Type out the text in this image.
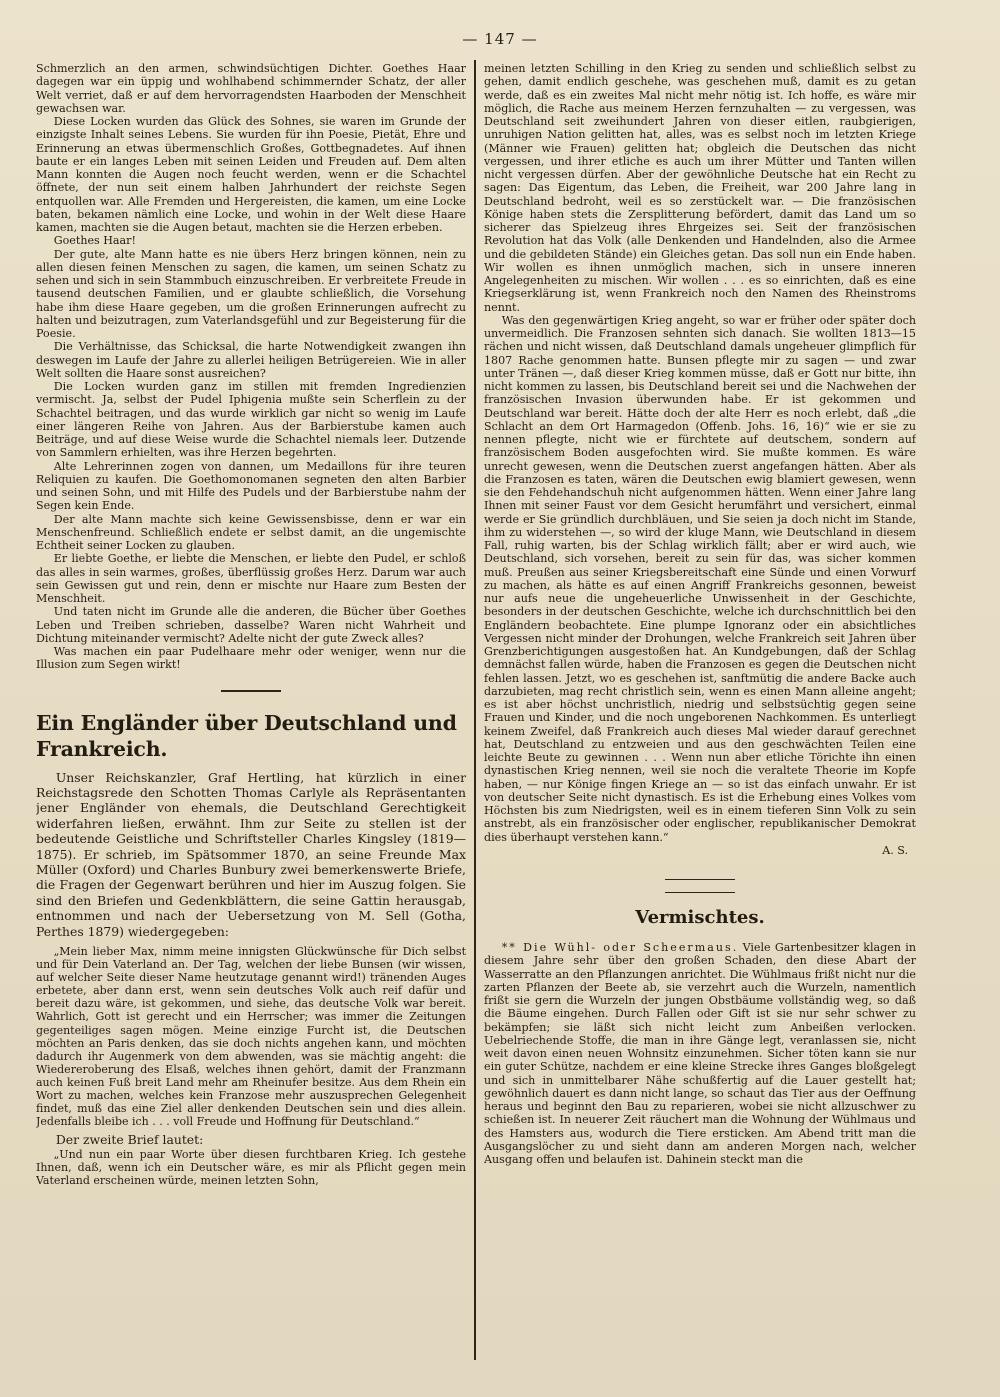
— 147 —

Schmerzlich an den armen, schwindsüchtigen Dichter. Goethes Haar dagegen war ein üppig und wohlhabend schimmernder Schatz, der aller Welt verriet, daß er auf dem hervorragendsten Haarboden der Menschheit gewachsen war.

Diese Locken wurden das Glück des Sohnes, sie waren im Grunde der einzigste Inhalt seines Lebens. Sie wurden für ihn Poesie, Pietät, Ehre und Erinnerung an etwas übermenschlich Großes, Gottbegnadetes. Auf ihnen baute er ein langes Leben mit seinen Leiden und Freuden auf. Dem alten Mann konnten die Augen noch feucht werden, wenn er die Schachtel öffnete, der nun seit einem halben Jahrhundert der reichste Segen entquollen war. Alle Fremden und Hergereisten, die kamen, um eine Locke baten, bekamen nämlich eine Locke, und wohin in der Welt diese Haare kamen, machten sie die Augen betaut, machten sie die Herzen erbeben.

Goethes Haar!

Der gute, alte Mann hatte es nie übers Herz bringen können, nein zu allen diesen feinen Menschen zu sagen, die kamen, um seinen Schatz zu sehen und sich in sein Stammbuch einzuschreiben. Er verbreitete Freude in tausend deutschen Familien, und er glaubte schließlich, die Vorsehung habe ihm diese Haare gegeben, um die großen Erinnerungen aufrecht zu halten und beizutragen, zum Vaterlandsgefühl und zur Begeisterung für die Poesie.

Die Verhältnisse, das Schicksal, die harte Notwendigkeit zwangen ihn deswegen im Laufe der Jahre zu allerlei heiligen Betrügereien. Wie in aller Welt sollten die Haare sonst ausreichen?

Die Locken wurden ganz im stillen mit fremden Ingredienzien vermischt. Ja, selbst der Pudel Iphigenia mußte sein Scherflein zu der Schachtel beitragen, und das wurde wirklich gar nicht so wenig im Laufe einer längeren Reihe von Jahren. Aus der Barbierstube kamen auch Beiträge, und auf diese Weise wurde die Schachtel niemals leer. Dutzende von Sammlern erhielten, was ihre Herzen begehrten.

Alte Lehrerinnen zogen von dannen, um Medaillons für ihre teuren Reliquien zu kaufen. Die Goethomonomanen segneten den alten Barbier und seinen Sohn, und mit Hilfe des Pudels und der Barbierstube nahm der Segen kein Ende.

Der alte Mann machte sich keine Gewissensbisse, denn er war ein Menschenfreund. Schließlich endete er selbst damit, an die ungemischte Echtheit seiner Locken zu glauben.

Er liebte Goethe, er liebte die Menschen, er liebte den Pudel, er schloß das alles in sein warmes, großes, überflüssig großes Herz. Darum war auch sein Gewissen gut und rein, denn er mischte nur Haare zum Besten der Menschheit.

Und taten nicht im Grunde alle die anderen, die Bücher über Goethes Leben und Treiben schrieben, dasselbe? Waren nicht Wahrheit und Dichtung miteinander vermischt? Adelte nicht der gute Zweck alles?

Was machen ein paar Pudelhaare mehr oder weniger, wenn nur die Illusion zum Segen wirkt!

Ein Engländer über Deutschland und Frankreich.

Unser Reichskanzler, Graf Hertling, hat kürzlich in einer Reichstagsrede den Schotten Thomas Carlyle als Repräsentanten jener Engländer von ehemals, die Deutschland Gerechtigkeit widerfahren ließen, erwähnt. Ihm zur Seite zu stellen ist der bedeutende Geistliche und Schriftsteller Charles Kingsley (1819—1875). Er schrieb, im Spätsommer 1870, an seine Freunde Max Müller (Oxford) und Charles Bunbury zwei bemerkenswerte Briefe, die Fragen der Gegenwart berühren und hier im Auszug folgen. Sie sind den Briefen und Gedenkblättern, die seine Gattin herausgab, entnommen und nach der Uebersetzung von M. Sell (Gotha, Perthes 1879) wiedergegeben:

„Mein lieber Max, nimm meine innigsten Glückwünsche für Dich selbst und für Dein Vaterland an. Der Tag, welchen der liebe Bunsen (wir wissen, auf welcher Seite dieser Name heutzutage genannt wird!) tränenden Auges erbetete, aber dann erst, wenn sein deutsches Volk auch reif dafür und bereit dazu wäre, ist gekommen, und siehe, das deutsche Volk war bereit. Wahrlich, Gott ist gerecht und ein Herrscher; was immer die Zeitungen gegenteiliges sagen mögen. Meine einzige Furcht ist, die Deutschen möchten an Paris denken, das sie doch nichts angehen kann, und möchten dadurch ihr Augenmerk von dem abwenden, was sie mächtig angeht: die Wiedereroberung des Elsaß, welches ihnen gehört, damit der Franzmann auch keinen Fuß breit Land mehr am Rheinufer besitze. Aus dem Rhein ein Wort zu machen, welches kein Franzose mehr auszusprechen Gelegenheit findet, muß das eine Ziel aller denkenden Deutschen sein und dies allein. Jedenfalls bleibe ich . . . voll Freude und Hoffnung für Deutschland.“

Der zweite Brief lautet:

„Und nun ein paar Worte über diesen furchtbaren Krieg. Ich gestehe Ihnen, daß, wenn ich ein Deutscher wäre, es mir als Pflicht gegen mein Vaterland erscheinen würde, meinen letzten Sohn,

meinen letzten Schilling in den Krieg zu senden und schließlich selbst zu gehen, damit endlich geschehe, was geschehen muß, damit es zu getan werde, daß es ein zweites Mal nicht mehr nötig ist. Ich hoffe, es wäre mir möglich, die Rache aus meinem Herzen fernzuhalten — zu vergessen, was Deutschland seit zweihundert Jahren von dieser eitlen, raubgierigen, unruhigen Nation gelitten hat, alles, was es selbst noch im letzten Kriege (Männer wie Frauen) gelitten hat; obgleich die Deutschen das nicht vergessen, und ihrer etliche es auch um ihrer Mütter und Tanten willen nicht vergessen dürfen. Aber der gewöhnliche Deutsche hat ein Recht zu sagen: Das Eigentum, das Leben, die Freiheit, war 200 Jahre lang in Deutschland bedroht, weil es so zerstückelt war. — Die französischen Könige haben stets die Zersplitterung befördert, damit das Land um so sicherer das Spielzeug ihres Ehrgeizes sei. Seit der französischen Revolution hat das Volk (alle Denkenden und Handelnden, also die Armee und die gebildeten Stände) ein Gleiches getan. Das soll nun ein Ende haben. Wir wollen es ihnen unmöglich machen, sich in unsere inneren Angelegenheiten zu mischen. Wir wollen . . . es so einrichten, daß es eine Kriegserklärung ist, wenn Frankreich noch den Namen des Rheinstroms nennt.

Was den gegenwärtigen Krieg angeht, so war er früher oder später doch unvermeidlich. Die Franzosen sehnten sich danach. Sie wollten 1813—15 rächen und nicht wissen, daß Deutschland damals ungeheuer glimpflich für 1807 Rache genommen hatte. Bunsen pflegte mir zu sagen — und zwar unter Tränen —, daß dieser Krieg kommen müsse, daß er Gott nur bitte, ihn nicht kommen zu lassen, bis Deutschland bereit sei und die Nachwehen der französischen Invasion überwunden habe. Er ist gekommen und Deutschland war bereit. Hätte doch der alte Herr es noch erlebt, daß „die Schlacht an dem Ort Harmagedon (Offenb. Johs. 16, 16)“ wie er sie zu nennen pflegte, nicht wie er fürchtete auf deutschem, sondern auf französischem Boden ausgefochten wird. Sie mußte kommen. Es wäre unrecht gewesen, wenn die Deutschen zuerst angefangen hätten. Aber als die Franzosen es taten, wären die Deutschen ewig blamiert gewesen, wenn sie den Fehdehandschuh nicht aufgenommen hätten. Wenn einer Jahre lang Ihnen mit seiner Faust vor dem Gesicht herumfährt und versichert, einmal werde er Sie gründlich durchbläuen, und Sie seien ja doch nicht im Stande, ihm zu widerstehen —, so wird der kluge Mann, wie Deutschland in diesem Fall, ruhig warten, bis der Schlag wirklich fällt; aber er wird auch, wie Deutschland, sich vorsehen, bereit zu sein für das, was sicher kommen muß. Preußen aus seiner Kriegsbereitschaft eine Sünde und einen Vorwurf zu machen, als hätte es auf einen Angriff Frankreichs gesonnen, beweist nur aufs neue die ungeheuerliche Unwissenheit in der Geschichte, besonders in der deutschen Geschichte, welche ich durchschnittlich bei den Engländern beobachtete. Eine plumpe Ignoranz oder ein absichtliches Vergessen nicht minder der Drohungen, welche Frankreich seit Jahren über Grenzberichtigungen ausgestoßen hat. An Kundgebungen, daß der Schlag demnächst fallen würde, haben die Franzosen es gegen die Deutschen nicht fehlen lassen. Jetzt, wo es geschehen ist, sanftmütig die andere Backe auch darzubieten, mag recht christlich sein, wenn es einen Mann alleine angeht; es ist aber höchst unchristlich, niedrig und selbstsüchtig gegen seine Frauen und Kinder, und die noch ungeborenen Nachkommen. Es unterliegt keinem Zweifel, daß Frankreich auch dieses Mal wieder darauf gerechnet hat, Deutschland zu entzweien und aus den geschwächten Teilen eine leichte Beute zu gewinnen . . . Wenn nun aber etliche Törichte ihn einen dynastischen Krieg nennen, weil sie noch die veraltete Theorie im Kopfe haben, — nur Könige fingen Kriege an — so ist das einfach unwahr. Er ist von deutscher Seite nicht dynastisch. Es ist die Erhebung eines Volkes vom Höchsten bis zum Niedrigsten, weil es in einem tieferen Sinn Volk zu sein anstrebt, als ein französischer oder englischer, republikanischer Demokrat dies überhaupt verstehen kann.“

A. S.

Vermischtes.

** Die Wühl- oder Scheermaus. Viele Gartenbesitzer klagen in diesem Jahre sehr über den großen Schaden, den diese Abart der Wasserratte an den Pflanzungen anrichtet. Die Wühlmaus frißt nicht nur die zarten Pflanzen der Beete ab, sie verzehrt auch die Wurzeln, namentlich frißt sie gern die Wurzeln der jungen Obstbäume vollständig weg, so daß die Bäume eingehen. Durch Fallen oder Gift ist sie nur sehr schwer zu bekämpfen; sie läßt sich nicht leicht zum Anbeißen verlocken. Uebelriechende Stoffe, die man in ihre Gänge legt, veranlassen sie, nicht weit davon einen neuen Wohnsitz einzunehmen. Sicher töten kann sie nur ein guter Schütze, nachdem er eine kleine Strecke ihres Ganges bloßgelegt und sich in unmittelbarer Nähe schußfertig auf die Lauer gestellt hat; gewöhnlich dauert es dann nicht lange, so schaut das Tier aus der Oeffnung heraus und beginnt den Bau zu reparieren, wobei sie nicht allzuschwer zu schießen ist. In neuerer Zeit räuchert man die Wohnung der Wühlmaus und des Hamsters aus, wodurch die Tiere ersticken. Am Abend tritt man die Ausgangslöcher zu und sieht dann am anderen Morgen nach, welcher Ausgang offen und belaufen ist. Dahinein steckt man die
